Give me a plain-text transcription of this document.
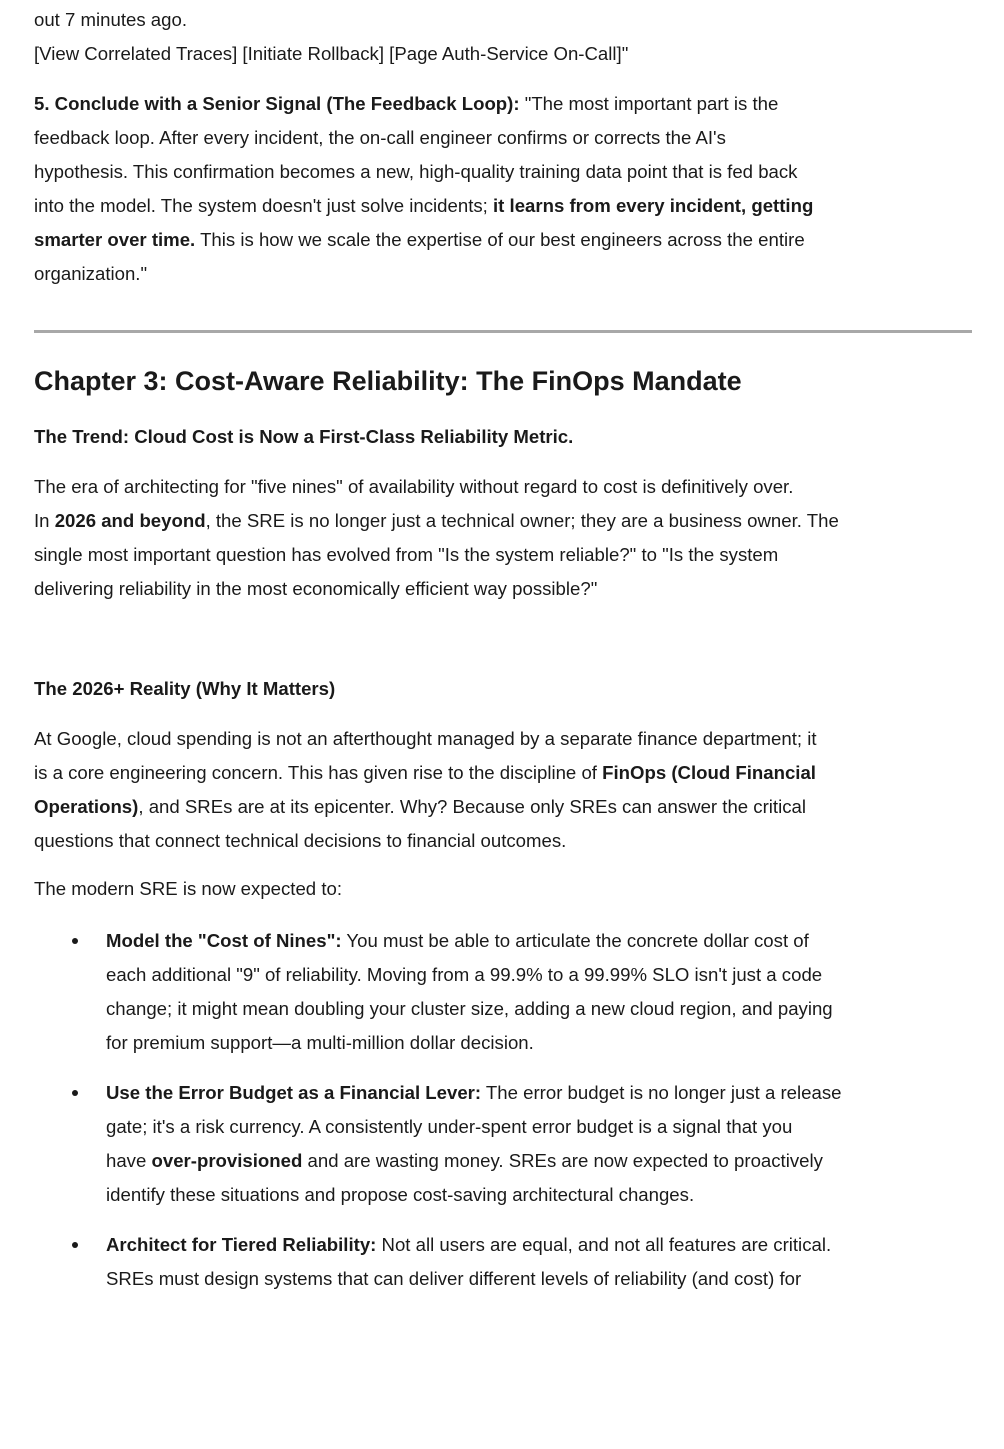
Chapter 3: Cost-Aware Reliability: The FinOps Mandate
out 7 minutes ago.
[View Correlated Traces] [Initiate Rollback] [Page Auth-Service On-Call]"
5. Conclude with a Senior Signal (The Feedback Loop): "The most important part is the
feedback loop. After every incident, the on-call engineer confirms or corrects the AI's
hypothesis. This confirmation becomes a new, high-quality training data point that is fed back
into the model. The system doesn't just solve incidents; it learns from every incident, getting
smarter over time. This is how we scale the expertise of our best engineers across the entire
organization."
The Trend: Cloud Cost is Now a First-Class Reliability Metric.
The era of architecting for "five nines" of availability without regard to cost is definitively over.
In 2026 and beyond, the SRE is no longer just a technical owner; they are a business owner. The
single most important question has evolved from "Is the system reliable?" to "Is the system
delivering reliability in the most economically efficient way possible?"
The 2026+ Reality (Why It Matters)
At Google, cloud spending is not an afterthought managed by a separate finance department; it
is a core engineering concern. This has given rise to the discipline of FinOps (Cloud Financial
Operations), and SREs are at its epicenter. Why? Because only SREs can answer the critical
questions that connect technical decisions to financial outcomes.
The modern SRE is now expected to:
Model the "Cost of Nines": You must be able to articulate the concrete dollar cost of
each additional "9" of reliability. Moving from a 99.9% to a 99.99% SLO isn't just a code
change; it might mean doubling your cluster size, adding a new cloud region, and paying
for premium support—a multi-million dollar decision.
Use the Error Budget as a Financial Lever: The error budget is no longer just a release
gate; it's a risk currency. A consistently under-spent error budget is a signal that you
have over-provisioned and are wasting money. SREs are now expected to proactively
identify these situations and propose cost-saving architectural changes.
Architect for Tiered Reliability: Not all users are equal, and not all features are critical.
SREs must design systems that can deliver different levels of reliability (and cost) for
